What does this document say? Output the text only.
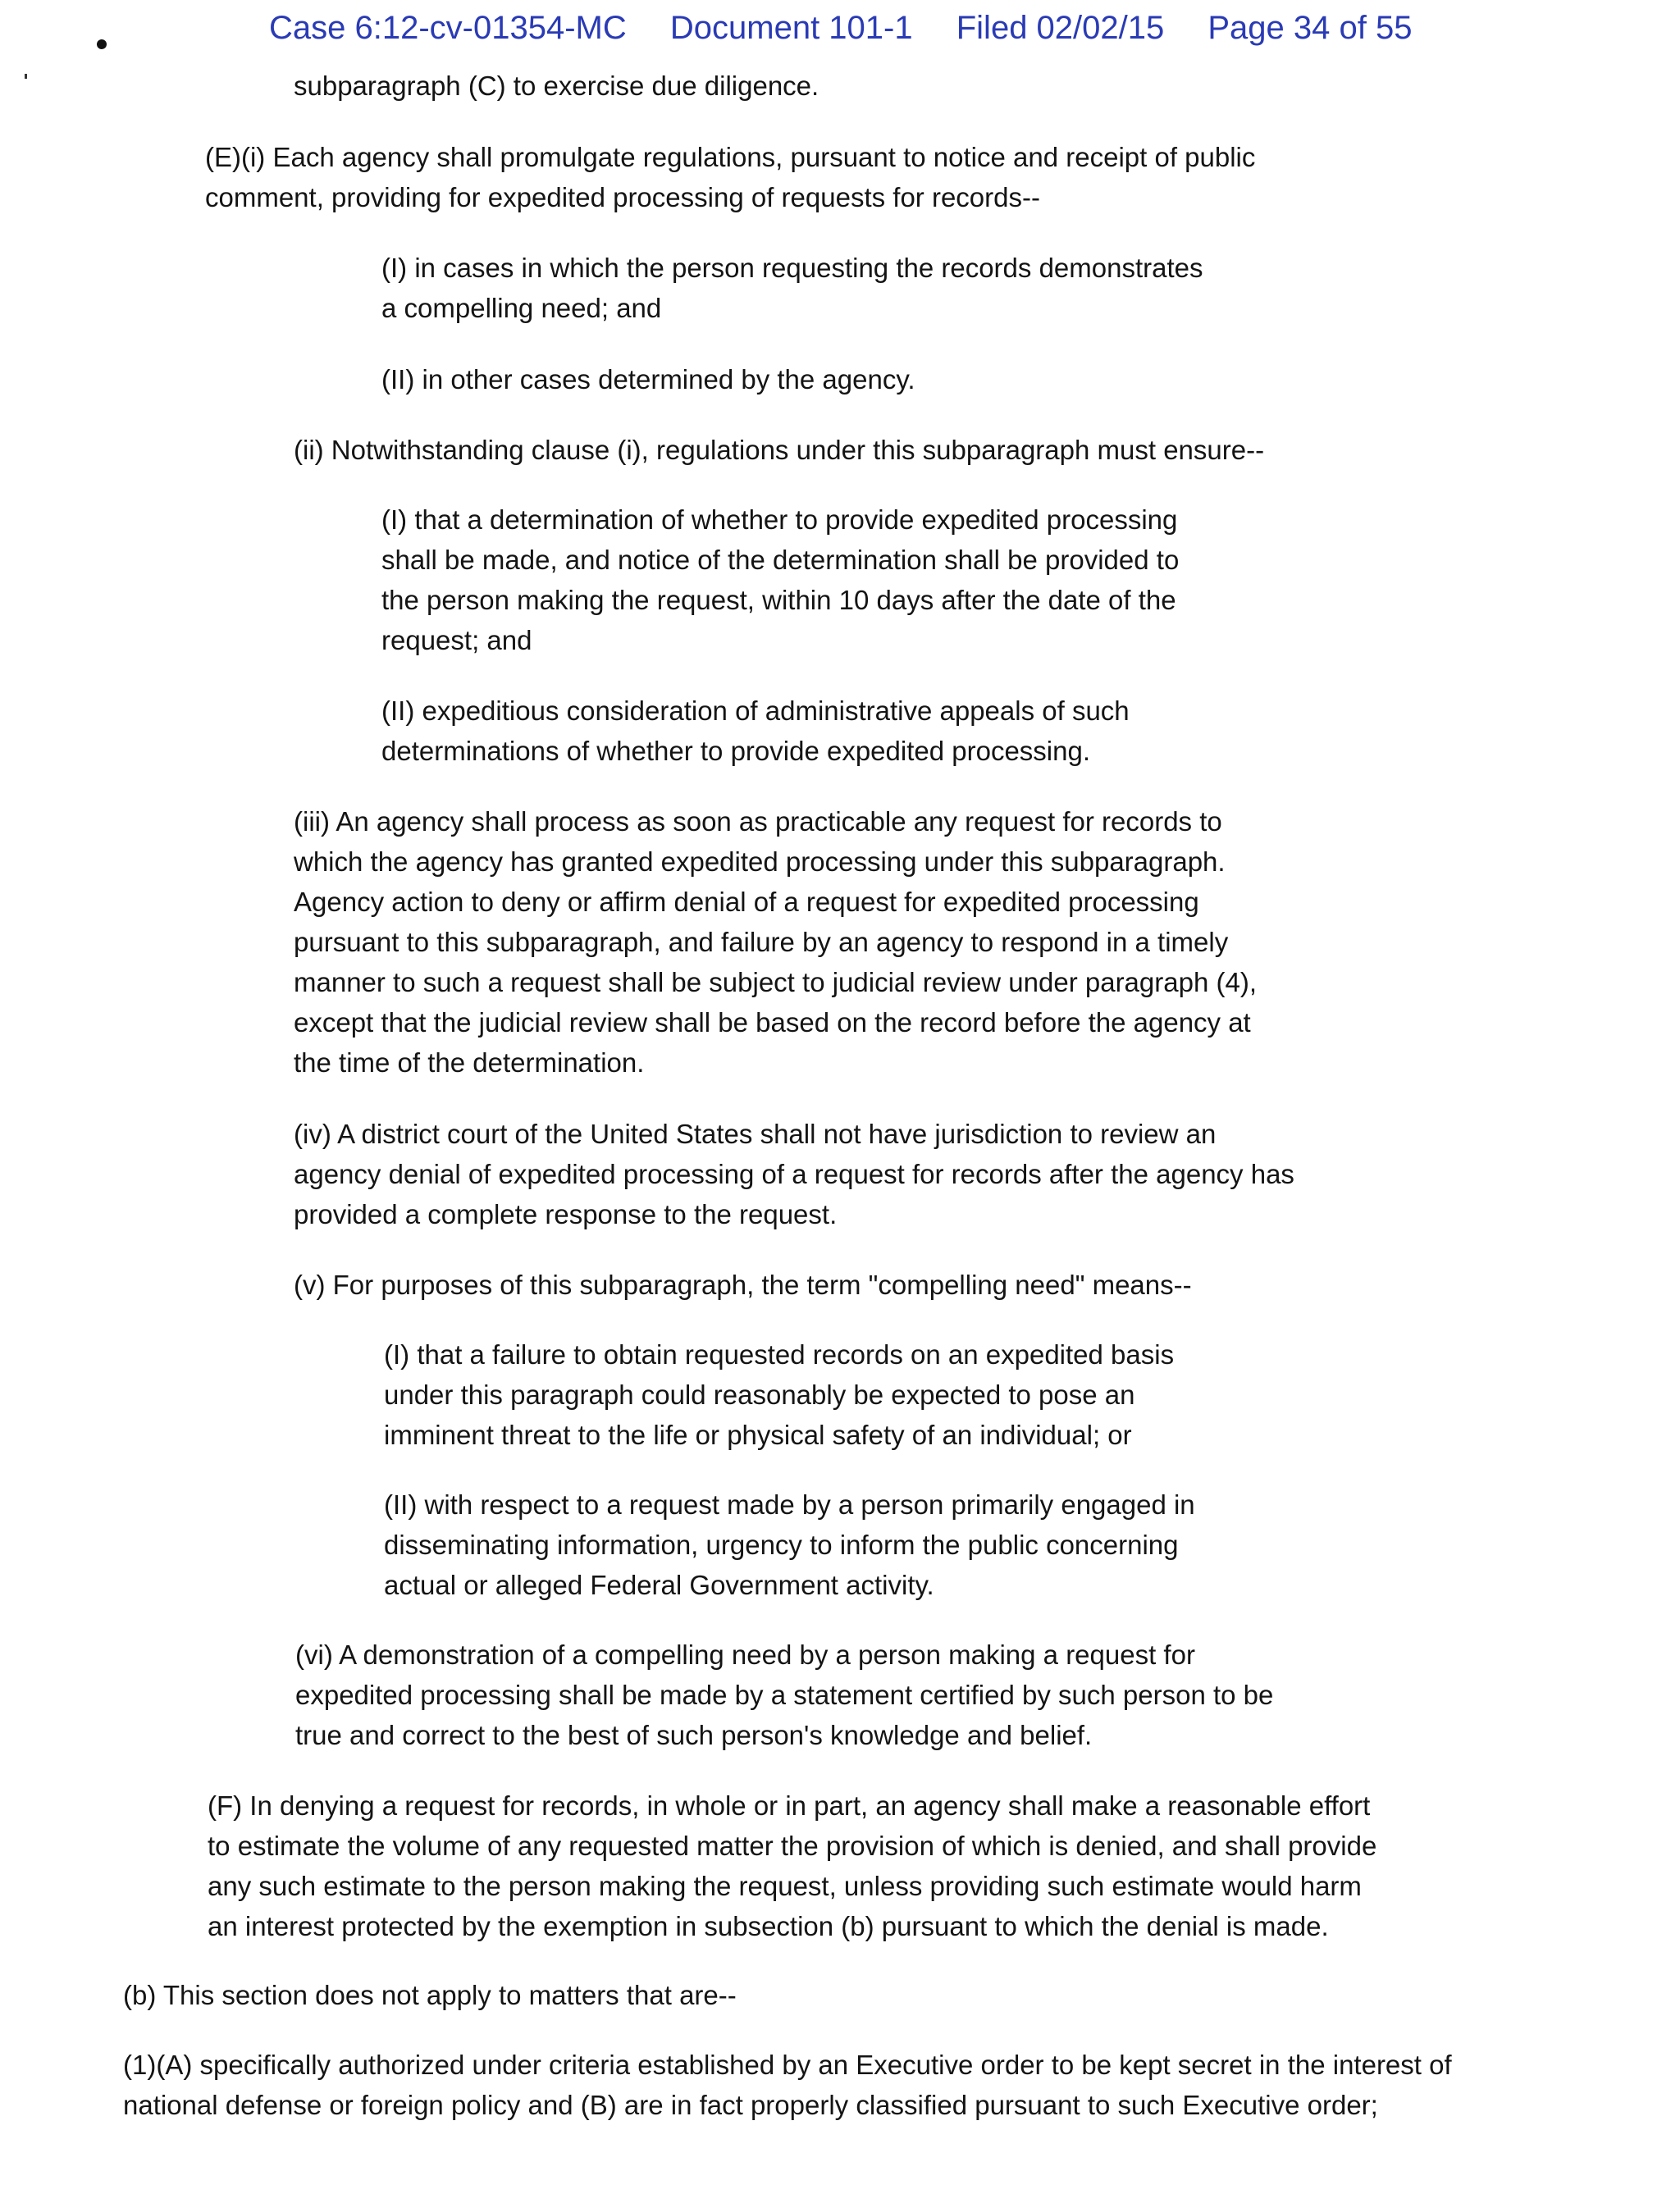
Case 6:12-cv-01354-MC Document 101-1 Filed 02/02/15 Page 34 of 55

subparagraph (C) to exercise due diligence.

(E)(i) Each agency shall promulgate regulations, pursuant to notice and receipt of public
comment, providing for expedited processing of requests for records--

(I) in cases in which the person requesting the records demonstrates
a compelling need; and

(II) in other cases determined by the agency.

(ii) Notwithstanding clause (i), regulations under this subparagraph must ensure--

(I) that a determination of whether to provide expedited processing
shall be made, and notice of the determination shall be provided to
the person making the request, within 10 days after the date of the
request; and

(II) expeditious consideration of administrative appeals of such
determinations of whether to provide expedited processing.

(iii) An agency shall process as soon as practicable any request for records to
which the agency has granted expedited processing under this subparagraph.
Agency action to deny or affirm denial of a request for expedited processing
pursuant to this subparagraph, and failure by an agency to respond in a timely
manner to such a request shall be subject to judicial review under paragraph (4),
except that the judicial review shall be based on the record before the agency at
the time of the determination.

(iv) A district court of the United States shall not have jurisdiction to review an
agency denial of expedited processing of a request for records after the agency has
provided a complete response to the request.

(v) For purposes of this subparagraph, the term "compelling need" means--

(I) that a failure to obtain requested records on an expedited basis
under this paragraph could reasonably be expected to pose an
imminent threat to the life or physical safety of an individual; or

(II) with respect to a request made by a person primarily engaged in
disseminating information, urgency to inform the public concerning
actual or alleged Federal Government activity.

(vi) A demonstration of a compelling need by a person making a request for
expedited processing shall be made by a statement certified by such person to be
true and correct to the best of such person's knowledge and belief.

(F) In denying a request for records, in whole or in part, an agency shall make a reasonable effort
to estimate the volume of any requested matter the provision of which is denied, and shall provide
any such estimate to the person making the request, unless providing such estimate would harm
an interest protected by the exemption in subsection (b) pursuant to which the denial is made.

(b) This section does not apply to matters that are--

(1)(A) specifically authorized under criteria established by an Executive order to be kept secret in the interest of
national defense or foreign policy and (B) are in fact properly classified pursuant to such Executive order;
